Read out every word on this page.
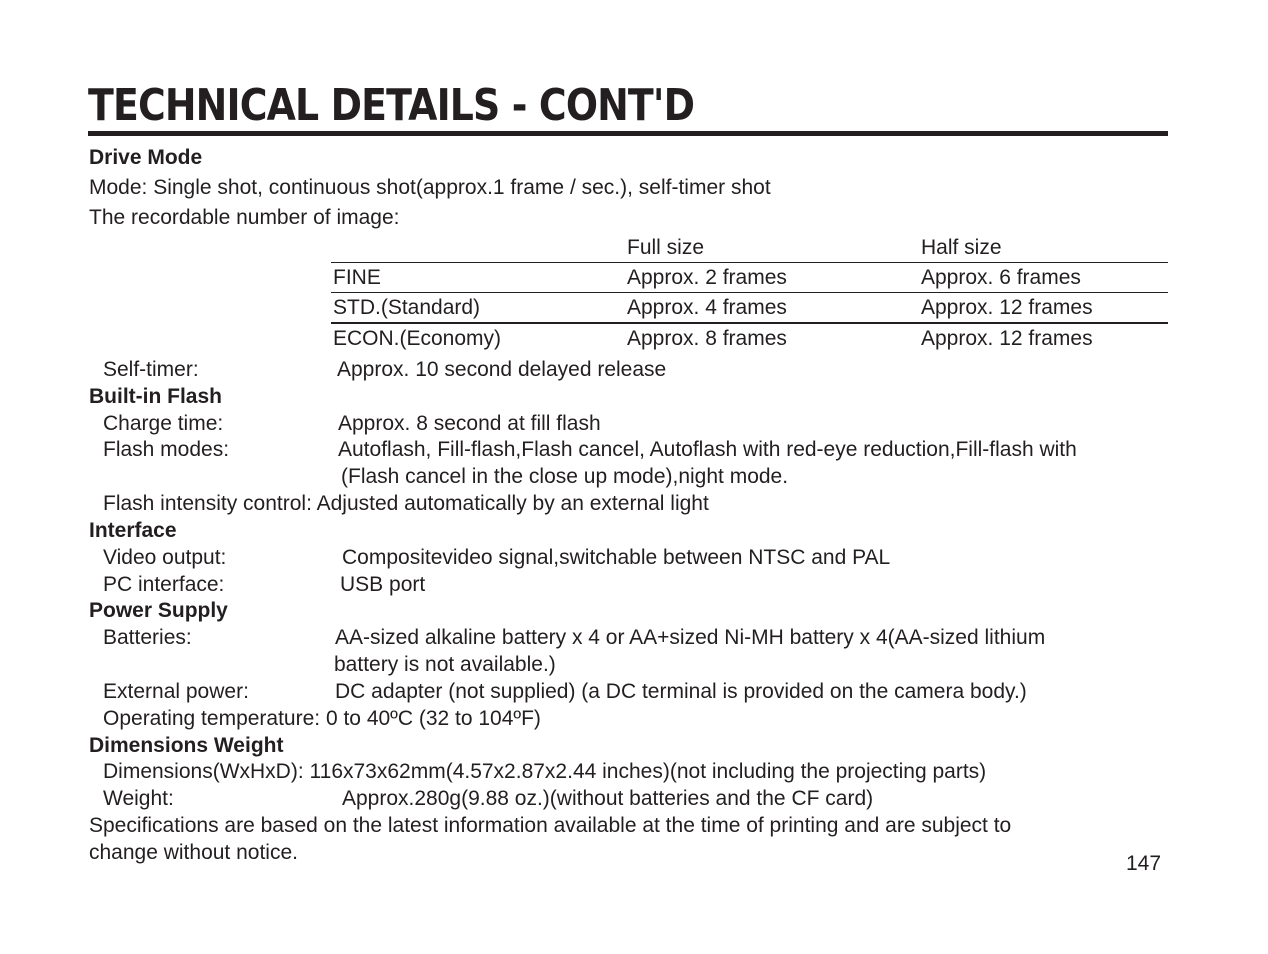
TECHNICAL DETAILS - CONT'D
Drive Mode
Mode: Single shot, continuous shot(approx.1 frame / sec.), self-timer shot
The recordable number of image:
	Full size	Half size
FINE	Approx. 2 frames	Approx. 6 frames
STD.(Standard)	Approx. 4 frames	Approx. 12 frames
ECON.(Economy)	Approx. 8 frames	Approx. 12 frames
Self-timer:	Approx. 10 second delayed release
Built-in Flash
Charge time:	Approx. 8 second at fill flash
Flash modes:	Autoflash, Fill-flash,Flash cancel, Autoflash with red-eye reduction,Fill-flash with
(Flash cancel in the close up mode),night mode.
Flash intensity control: Adjusted automatically by an external light
Interface
Video output:	Compositevideo signal,switchable between NTSC and PAL
PC interface:	USB port
Power Supply
Batteries:	AA-sized alkaline battery x 4 or AA+sized Ni-MH battery x 4(AA-sized lithium
battery is not available.)
External power:	DC adapter (not supplied) (a DC terminal is provided on the camera body.)
Operating temperature: 0 to 40ºC (32 to 104ºF)
Dimensions Weight
Dimensions(WxHxD): 116x73x62mm(4.57x2.87x2.44 inches)(not including the projecting parts)
Weight:	Approx.280g(9.88 oz.)(without batteries and the CF card)
Specifications are based on the latest information available at the time of printing and are subject to
change without notice.	147
